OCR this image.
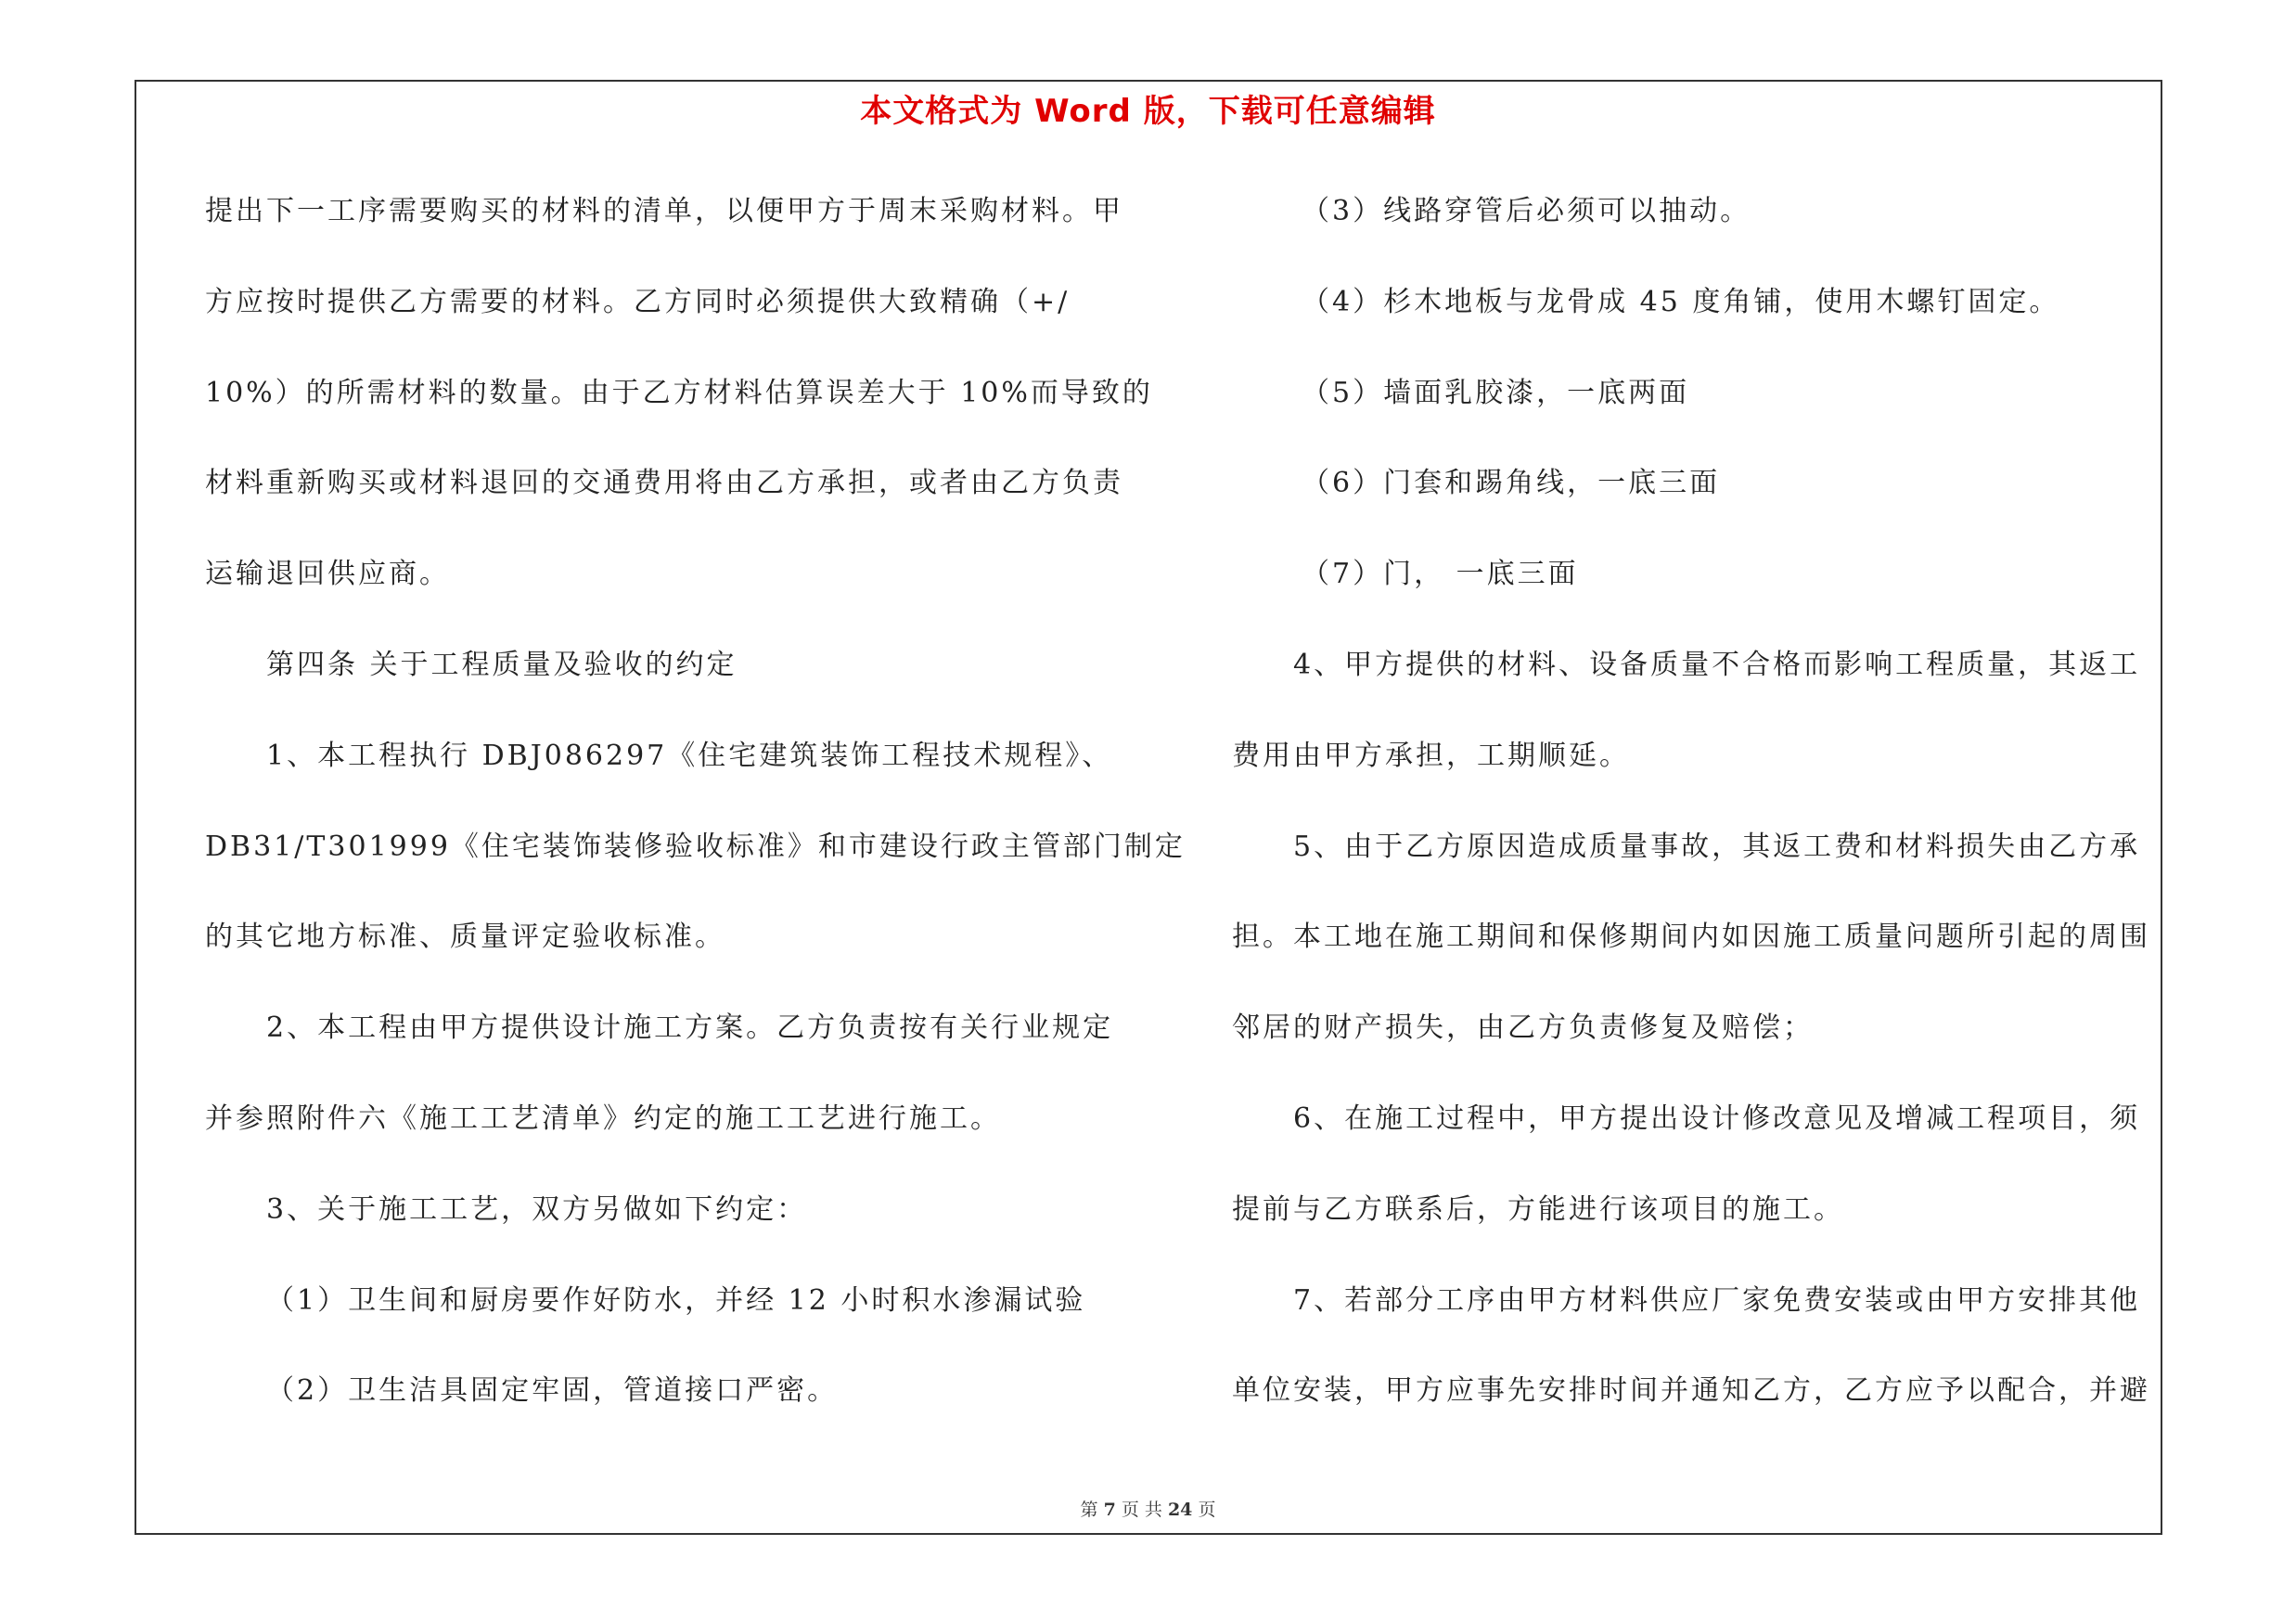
本文格式为 Word 版，下载可任意编辑
提出下一工序需要购买的材料的清单，以便甲方于周末采购材料。甲
方应按时提供乙方需要的材料。乙方同时必须提供大致精确（+/
10%）的所需材料的数量。由于乙方材料估算误差大于 10%而导致的
材料重新购买或材料退回的交通费用将由乙方承担，或者由乙方负责
运输退回供应商。
第四条 关于工程质量及验收的约定
1、本工程执行 DBJ086297《住宅建筑装饰工程技术规程》、
DB31/T301999《住宅装饰装修验收标准》和市建设行政主管部门制定
的其它地方标准、质量评定验收标准。
2、本工程由甲方提供设计施工方案。乙方负责按有关行业规定
并参照附件六《施工工艺清单》约定的施工工艺进行施工。
3、关于施工工艺，双方另做如下约定：
（1）卫生间和厨房要作好防水，并经 12 小时积水渗漏试验
（2）卫生洁具固定牢固，管道接口严密。
（3）线路穿管后必须可以抽动。
（4）杉木地板与龙骨成 45 度角铺，使用木螺钉固定。
（5）墙面乳胶漆，一底两面
（6）门套和踢角线，一底三面
（7）门， 一底三面
4、甲方提供的材料、设备质量不合格而影响工程质量，其返工
费用由甲方承担，工期顺延。
5、由于乙方原因造成质量事故，其返工费和材料损失由乙方承
担。本工地在施工期间和保修期间内如因施工质量问题所引起的周围
邻居的财产损失，由乙方负责修复及赔偿；
6、在施工过程中，甲方提出设计修改意见及增减工程项目，须
提前与乙方联系后，方能进行该项目的施工。
7、若部分工序由甲方材料供应厂家免费安装或由甲方安排其他
单位安装，甲方应事先安排时间并通知乙方，乙方应予以配合，并避
第 7 页 共 24 页
